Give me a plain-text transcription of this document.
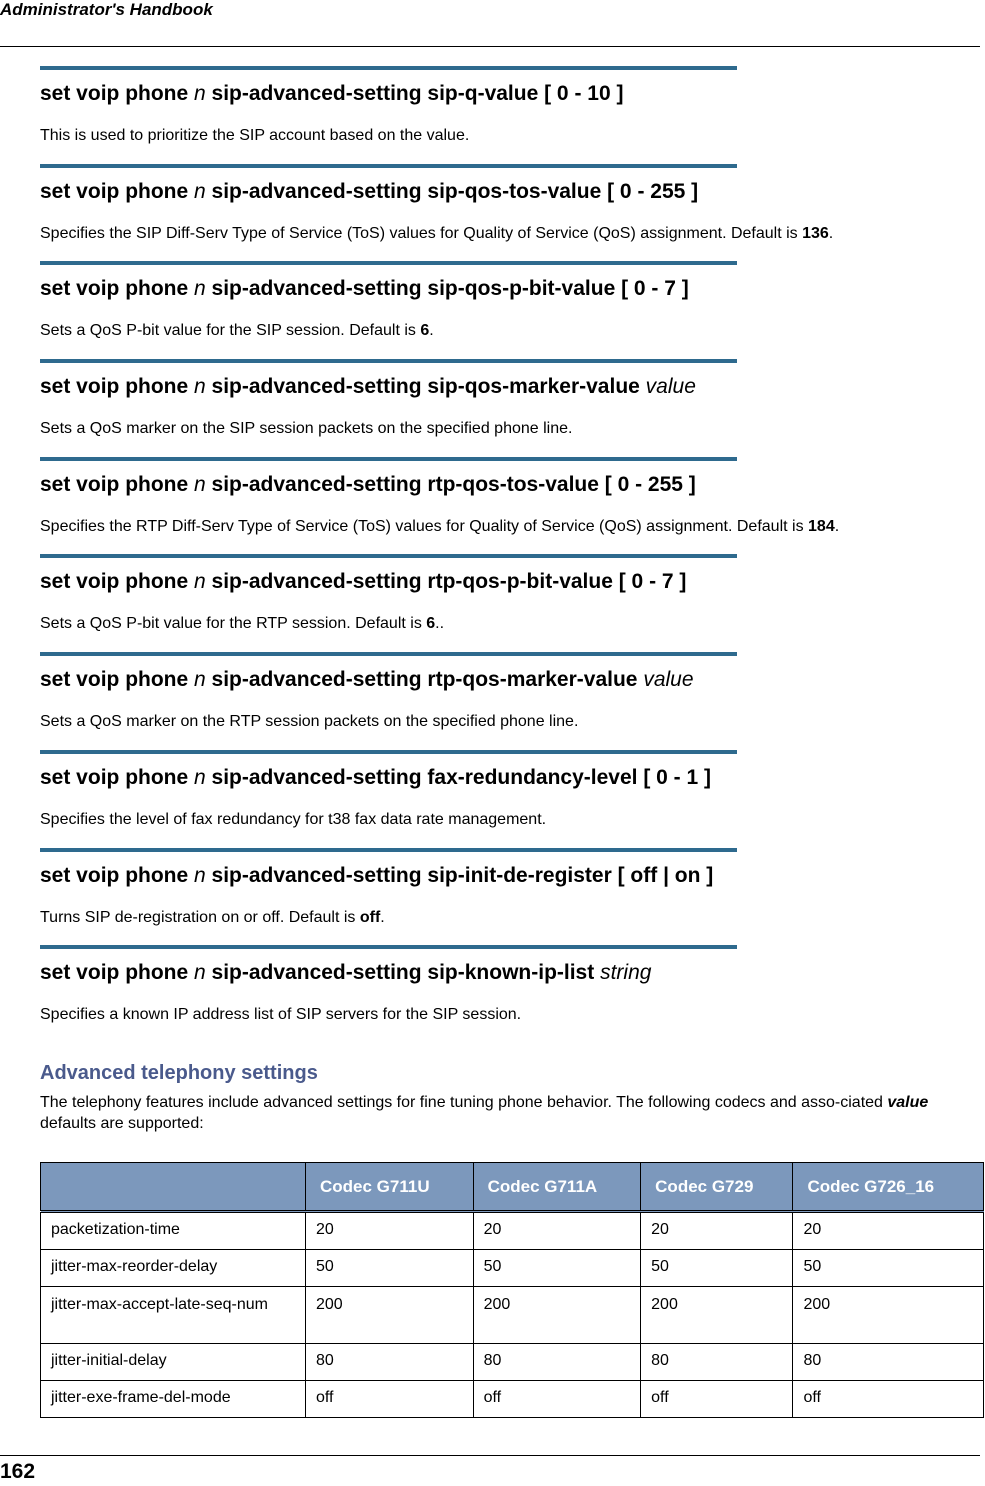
Administrator's Handbook
set voip phone n sip-advanced-setting sip-q-value [ 0 - 10 ]
This is used to prioritize the SIP account based on the value.
set voip phone n sip-advanced-setting sip-qos-tos-value [ 0 - 255 ]
Specifies the SIP Diff-Serv Type of Service (ToS) values for Quality of Service (QoS) assignment. Default is 136.
set voip phone n sip-advanced-setting sip-qos-p-bit-value [ 0 - 7 ]
Sets a QoS P-bit value for the SIP session. Default is 6.
set voip phone n sip-advanced-setting sip-qos-marker-value value
Sets a QoS marker on the SIP session packets on the specified phone line.
set voip phone n sip-advanced-setting rtp-qos-tos-value [ 0 - 255 ]
Specifies the RTP Diff-Serv Type of Service (ToS) values for Quality of Service (QoS) assignment. Default is 184.
set voip phone n sip-advanced-setting rtp-qos-p-bit-value [ 0 - 7 ]
Sets a QoS P-bit value for the RTP session. Default is 6..
set voip phone n sip-advanced-setting rtp-qos-marker-value value
Sets a QoS marker on the RTP session packets on the specified phone line.
set voip phone n sip-advanced-setting fax-redundancy-level [ 0 - 1 ]
Specifies the level of fax redundancy for t38 fax data rate management.
set voip phone n sip-advanced-setting sip-init-de-register [ off | on ]
Turns SIP de-registration on or off. Default is off.
set voip phone n sip-advanced-setting sip-known-ip-list string
Specifies a known IP address list of SIP servers for the SIP session.
Advanced telephony settings
The telephony features include advanced settings for fine tuning phone behavior. The following codecs and asso-ciated value defaults are supported:
	Codec G711U	Codec G711A	Codec G729	Codec G726_16
packetization-time	20	20	20	20
jitter-max-reorder-delay	50	50	50	50
jitter-max-accept-late-seq-num	200	200	200	200
jitter-initial-delay	80	80	80	80
jitter-exe-frame-del-mode	off	off	off	off
162
